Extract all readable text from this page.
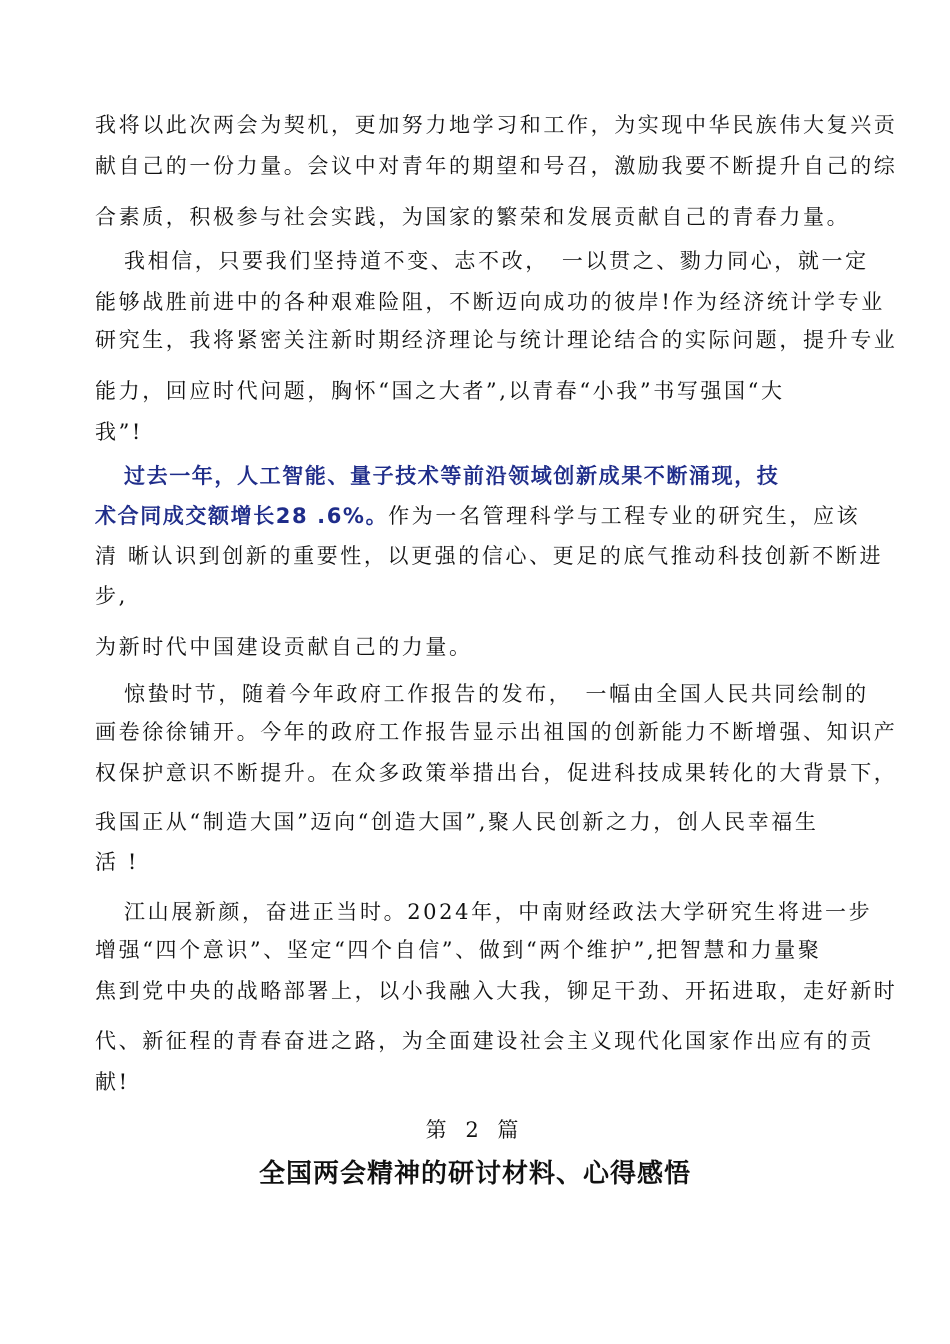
我将以此次两会为契机，更加努力地学习和工作，为实现中华民族伟大复兴贡
献自己的一份力量。会议中对青年的期望和号召，激励我要不断提升自己的综
合素质，积极参与社会实践，为国家的繁荣和发展贡献自己的青春力量。
我相信，只要我们坚持道不变、志不改，　一以贯之、勠力同心，就一定
能够战胜前进中的各种艰难险阻，不断迈向成功的彼岸!作为经济统计学专业
研究生，我将紧密关注新时期经济理论与统计理论结合的实际问题，提升专业
能力，回应时代问题，胸怀“国之大者”,以青春“小我”书写强国“大
我”!
过去一年，人工智能、量子技术等前沿领域创新成果不断涌现，技
术合同成交额增长28 .6%。作为一名管理科学与工程专业的研究生，应该
清 晰认识到创新的重要性，以更强的信心、更足的底气推动科技创新不断进
步,
为新时代中国建设贡献自己的力量。
惊蛰时节，随着今年政府工作报告的发布，　一幅由全国人民共同绘制的
画卷徐徐铺开。今年的政府工作报告显示出祖国的创新能力不断增强、知识产
权保护意识不断提升。在众多政策举措出台，促进科技成果转化的大背景下，
我国正从“制造大国”迈向“创造大国”,聚人民创新之力，创人民幸福生
活 !
江山展新颜，奋进正当时。2024年，中南财经政法大学研究生将进一步
增强“四个意识”、坚定“四个自信”、做到“两个维护”,把智慧和力量聚
焦到党中央的战略部署上，以小我融入大我，铆足干劲、开拓进取，走好新时
代、新征程的青春奋进之路，为全面建设社会主义现代化国家作出应有的贡
献!
第 2 篇
全国两会精神的研讨材料、心得感悟
